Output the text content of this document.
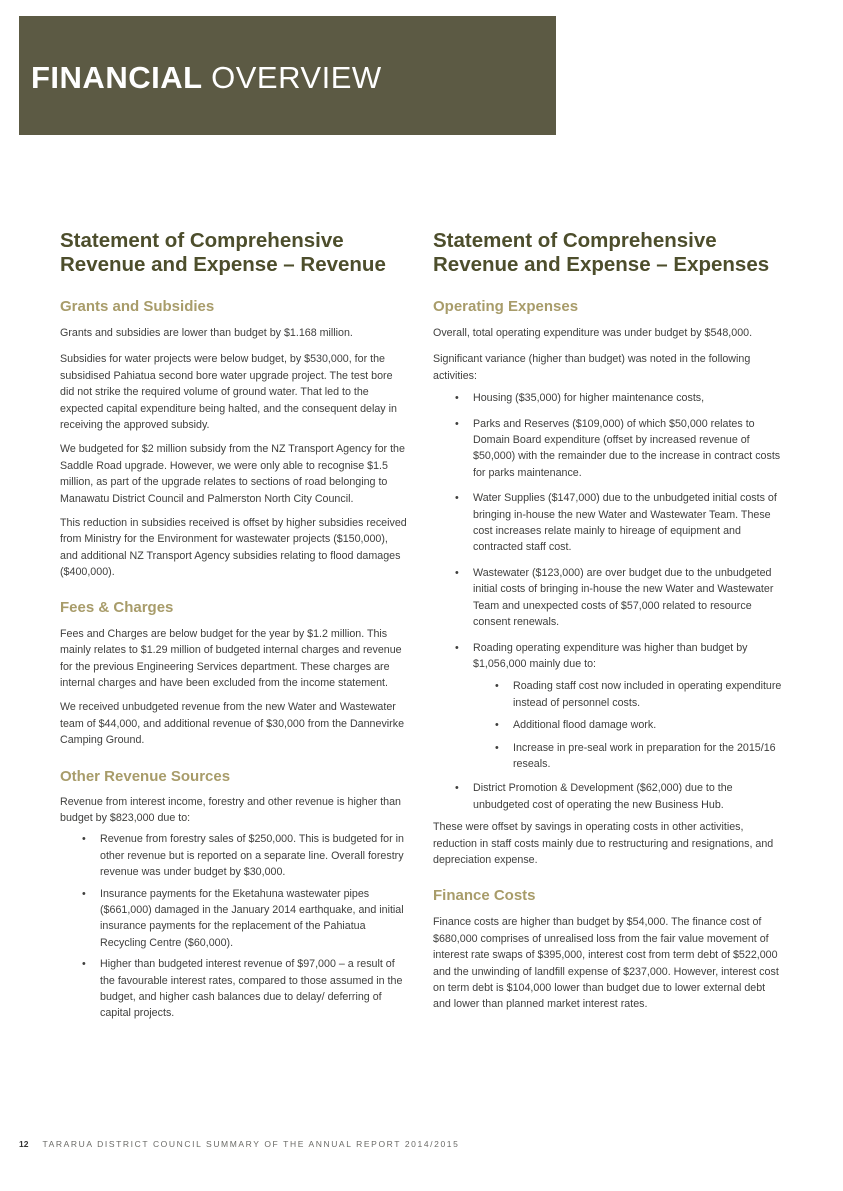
FINANCIAL OVERVIEW
Statement of Comprehensive
Revenue and Expense – Revenue
Grants and Subsidies

Grants and subsidies are lower than budget by $1.168 million.

Subsidies for water projects were below budget, by $530,000, for the subsidised Pahiatua second bore water upgrade project. The test bore did not strike the required volume of ground water. That led to the expected capital expenditure being halted, and the consequent delay in receiving the approved subsidy.

We budgeted for $2 million subsidy from the NZ Transport Agency for the Saddle Road upgrade. However, we were only able to recognise $1.5 million, as part of the upgrade relates to sections of road belonging to Manawatu District Council and Palmerston North City Council.

This reduction in subsidies received is offset by higher subsidies received from Ministry for the Environment for wastewater projects ($150,000), and additional NZ Transport Agency subsidies relating to flood damages ($400,000).

Fees & Charges

Fees and Charges are below budget for the year by $1.2 million. This mainly relates to $1.29 million of budgeted internal charges and revenue for the previous Engineering Services department. These charges are internal charges and have been excluded from the income statement.

We received unbudgeted revenue from the new Water and Wastewater team of $44,000, and additional revenue of $30,000 from the Dannevirke Camping Ground.

Other Revenue Sources

Revenue from interest income, forestry and other revenue is higher than budget by $823,000 due to:

• Revenue from forestry sales of $250,000. This is budgeted for in other revenue but is reported on a separate line. Overall forestry revenue was under budget by $30,000.
• Insurance payments for the Eketahuna wastewater pipes ($661,000) damaged in the January 2014 earthquake, and initial insurance payments for the replacement of the Pahiatua Recycling Centre ($60,000).
• Higher than budgeted interest revenue of $97,000 – a result of the favourable interest rates, compared to those assumed in the budget, and higher cash balances due to delay/ deferring of capital projects.
Statement of Comprehensive
Revenue and Expense – Expenses
Operating Expenses

Overall, total operating expenditure was under budget by $548,000.

Significant variance (higher than budget) was noted in the following activities:

• Housing ($35,000) for higher maintenance costs,
• Parks and Reserves ($109,000) of which $50,000 relates to Domain Board expenditure (offset by increased revenue of $50,000) with the remainder due to the increase in contract costs for parks maintenance.
• Water Supplies ($147,000) due to the unbudgeted initial costs of bringing in-house the new Water and Wastewater Team. These cost increases relate mainly to hireage of equipment and contracted staff cost.
• Wastewater ($123,000) are over budget due to the unbudgeted initial costs of bringing in-house the new Water and Wastewater Team and unexpected costs of $57,000 related to resource consent renewals.
• Roading operating expenditure was higher than budget by $1,056,000 mainly due to:
• Roading staff cost now included in operating expenditure instead of personnel costs.
• Additional flood damage work.
• Increase in pre-seal work in preparation for the 2015/16 reseals.
• District Promotion & Development ($62,000) due to the unbudgeted cost of operating the new Business Hub.

These were offset by savings in operating costs in other activities, reduction in staff costs mainly due to restructuring and resignations, and depreciation expense.

Finance Costs

Finance costs are higher than budget by $54,000. The finance cost of $680,000 comprises of unrealised loss from the fair value movement of interest rate swaps of $395,000, interest cost from term debt of $522,000 and the unwinding of landfill expense of $237,000. However, interest cost on term debt is $104,000 lower than budget due to lower external debt and lower than planned market interest rates.

12 TARARUA DISTRICT COUNCIL SUMMARY OF THE ANNUAL REPORT 2014/2015
